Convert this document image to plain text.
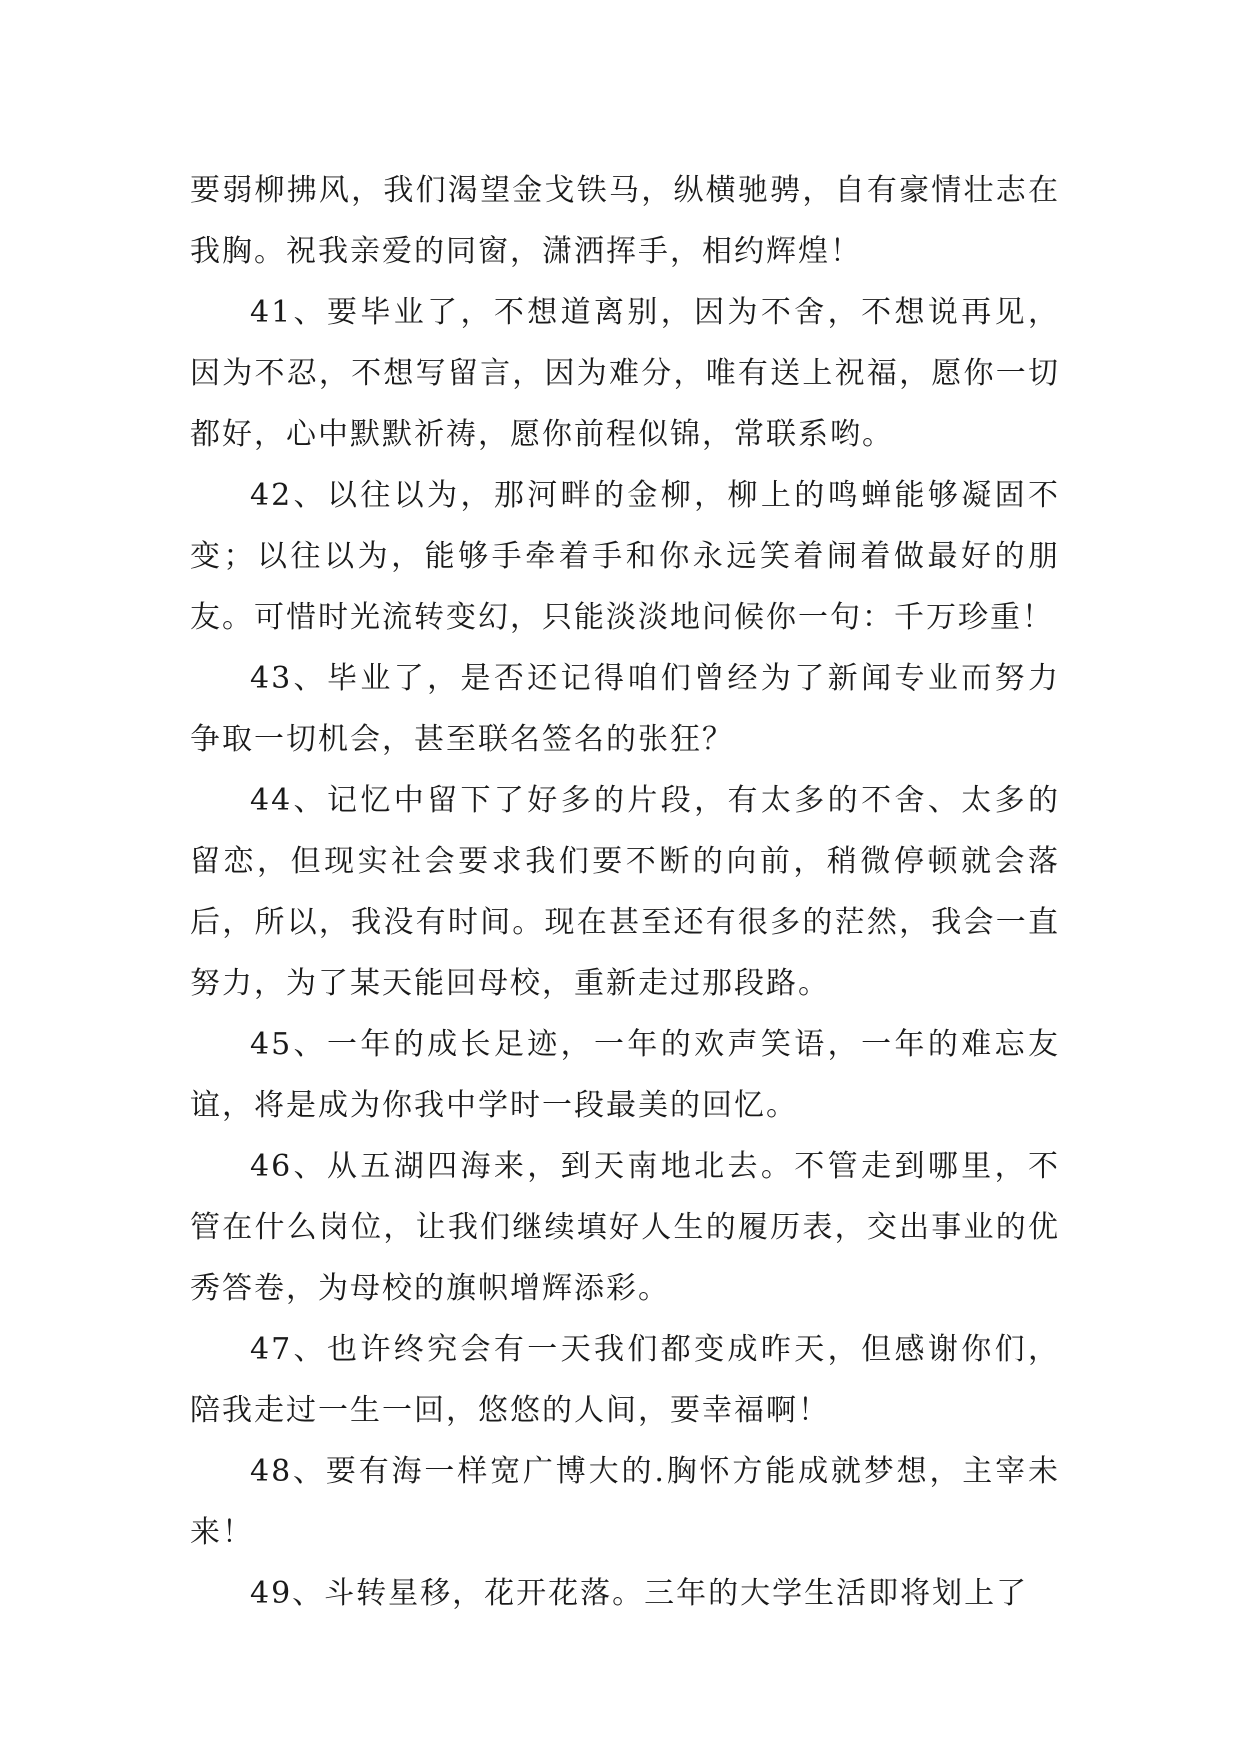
要弱柳拂风，我们渴望金戈铁马，纵横驰骋，自有豪情壮志在我胸。祝我亲爱的同窗，潇洒挥手，相约辉煌！

41、要毕业了，不想道离别，因为不舍，不想说再见，因为不忍，不想写留言，因为难分，唯有送上祝福，愿你一切都好，心中默默祈祷，愿你前程似锦，常联系哟。

42、以往以为，那河畔的金柳，柳上的鸣蝉能够凝固不变；以往以为，能够手牵着手和你永远笑着闹着做最好的朋友。可惜时光流转变幻，只能淡淡地问候你一句：千万珍重！

43、毕业了，是否还记得咱们曾经为了新闻专业而努力争取一切机会，甚至联名签名的张狂？

44、记忆中留下了好多的片段，有太多的不舍、太多的留恋，但现实社会要求我们要不断的向前，稍微停顿就会落后，所以，我没有时间。现在甚至还有很多的茫然，我会一直努力，为了某天能回母校，重新走过那段路。

45、一年的成长足迹，一年的欢声笑语，一年的难忘友谊，将是成为你我中学时一段最美的回忆。

46、从五湖四海来，到天南地北去。不管走到哪里，不管在什么岗位，让我们继续填好人生的履历表，交出事业的优秀答卷，为母校的旗帜增辉添彩。

47、也许终究会有一天我们都变成昨天，但感谢你们，陪我走过一生一回，悠悠的人间，要幸福啊！

48、要有海一样宽广博大的.胸怀方能成就梦想，主宰未来！

49、斗转星移，花开花落。三年的大学生活即将划上了
